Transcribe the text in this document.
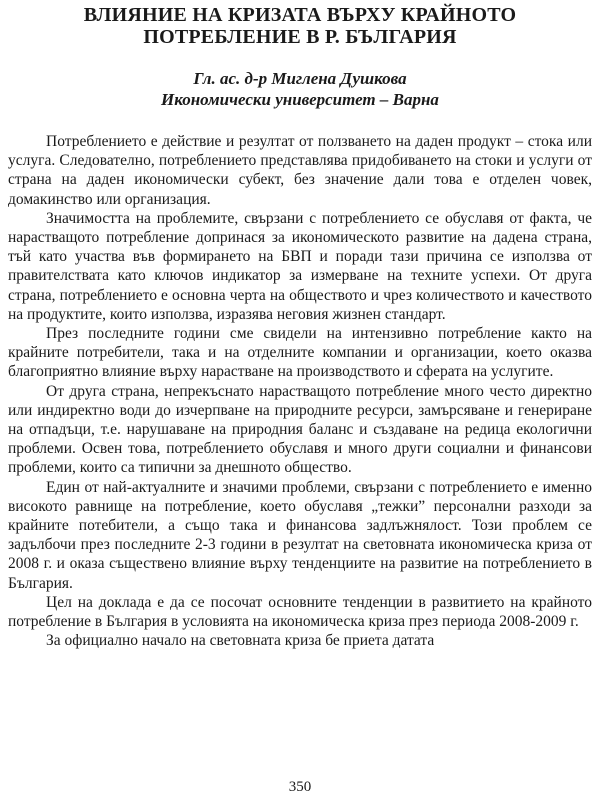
ВЛИЯНИЕ НА КРИЗАТА ВЪРХУ КРАЙНОТО
ПОТРЕБЛЕНИЕ В Р. БЪЛГАРИЯ
Гл. ас. д-р Миглена Душкова
Икономически университет – Варна

Потреблението е действие и резултат от ползването на даден продукт – стока или услуга. Следователно, потреблението представлява придобиването на стоки и услуги от страна на даден икономически субект, без значение дали това е отделен човек, домакинство или организация.

Значимостта на проблемите, свързани с потреблението се обуславя от факта, че нарастващото потребление допринася за икономическото развитие на дадена страна, тъй като участва във формирането на БВП и поради тази причина се използва от правителствата като ключов индикатор за измерване на техните успехи. От друга страна, потреблението е основна черта на обществото и чрез количеството и качеството на продуктите, които използва, изразява неговия жизнен стандарт.

През последните години сме свидели на интензивно потребление както на крайните потребители, така и на отделните компании и организации, което оказва благоприятно влияние върху нарастване на производството и сферата на услугите.

От друга страна, непрекъснато нарастващото потребление много често директно или индиректно води до изчерпване на природните ресурси, замърсяване и генериране на отпадъци, т.е. нарушаване на природния баланс и създаване на редица екологични проблеми. Освен това, потреблението обуславя и много други социални и финансови проблеми, които са типични за днешното общество.

Един от най-актуалните и значими проблеми, свързани с потреблението е именно високото равнище на потребление, което обуславя „тежки” персонални разходи за крайните потебители, а също така и финансова задлъжнялост. Този проблем се задълбочи през последните 2-3 години в резултат на световната икономическа криза от 2008 г. и оказа съществено влияние върху тенденциите на развитие на потреблението в България.

Цел на доклада е да се посочат основните тенденции в развитието на крайното потребление в България в условията на икономическа криза през периода 2008-2009 г.

За официално начало на световната криза бе приета датата

350
